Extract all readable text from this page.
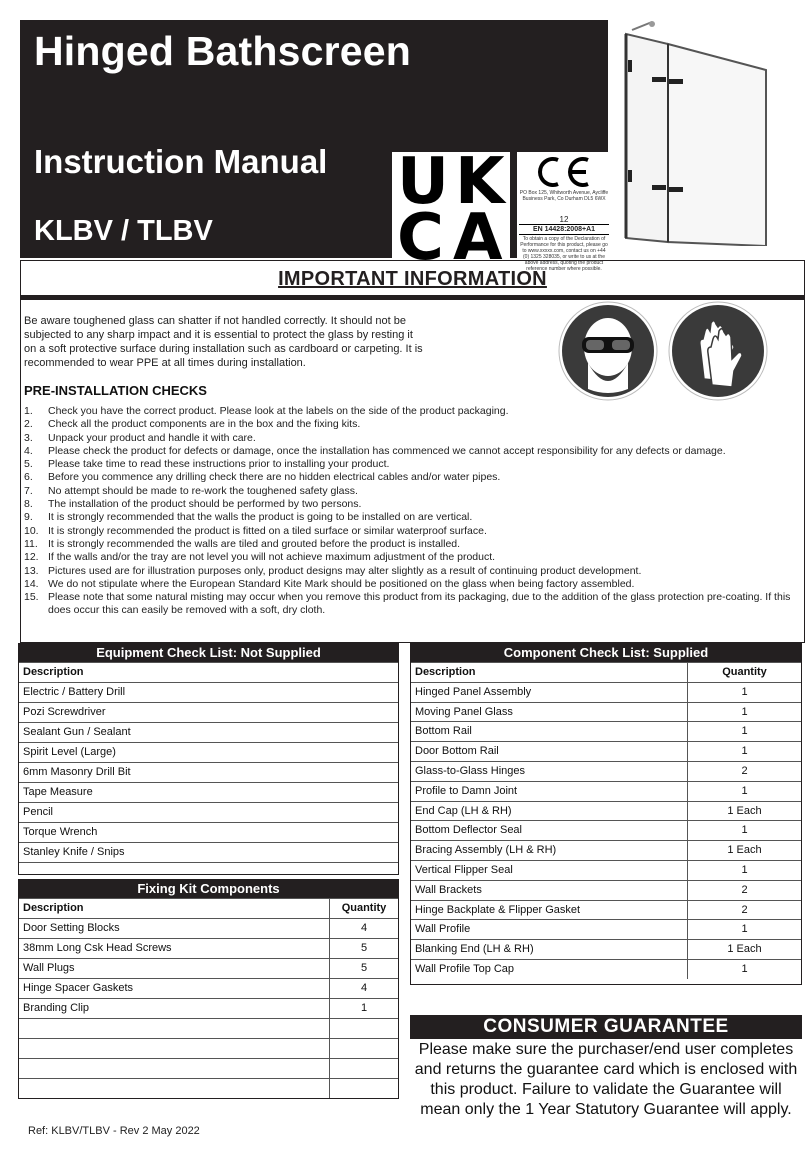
Hinged Bathscreen
Instruction Manual
KLBV / TLBV
U K
C A
PO Box 125, Whitworth Avenue, Aycliffe Business Park, Co Durham DL5 6WX
12
EN 14428:2008+A1
To obtain a copy of the Declaration of Performance for this product, please go to www.xxxxx.com, contact us on +44 (0) 1325 328035, or write to us at the above address, quoting the product reference number where possible.
IMPORTANT INFORMATION
Be aware toughened glass can shatter if not handled correctly. It should not be subjected to any sharp impact and it is essential to protect the glass by resting it on a soft protective surface during installation such as cardboard or carpeting. It is recommended to wear PPE at all times during installation.
PRE-INSTALLATION CHECKS
1. Check you have the correct product. Please look at the labels on the side of the product packaging.
2. Check all the product components are in the box and the fixing kits.
3. Unpack your product and handle it with care.
4. Please check the product for defects or damage, once the installation has commenced we cannot accept responsibility for any defects or damage.
5. Please take time to read these instructions prior to installing your product.
6. Before you commence any drilling check there are no hidden electrical cables and/or water pipes.
7. No attempt should be made to re-work the toughened safety glass.
8. The installation of the product should be performed by two persons.
9. It is strongly recommended that the walls the product is going to be installed on are vertical.
10. It is strongly recommended the product is fitted on a tiled surface or similar waterproof surface.
11. It is strongly recommended the walls are tiled and grouted before the product is installed.
12. If the walls and/or the tray are not level you will not achieve maximum adjustment of the product.
13. Pictures used are for illustration purposes only, product designs may alter slightly as a result of continuing product development.
14. We do not stipulate where the European Standard Kite Mark should be positioned on the glass when being factory assembled.
15. Please note that some natural misting may occur when you remove this product from its packaging, due to the addition of the glass protection pre-coating. If this does occur this can easily be removed with a soft, dry cloth.
Equipment Check List: Not Supplied
Description
Electric / Battery Drill
Pozi Screwdriver
Sealant Gun / Sealant
Spirit Level (Large)
6mm Masonry Drill Bit
Tape Measure
Pencil
Torque Wrench
Stanley Knife / Snips
Fixing Kit Components
Description	Quantity
Door Setting Blocks	4
38mm Long Csk Head Screws	5
Wall Plugs	5
Hinge Spacer Gaskets	4
Branding Clip	1
Component Check List: Supplied
Description	Quantity
Hinged Panel Assembly	1
Moving Panel Glass	1
Bottom Rail	1
Door Bottom Rail	1
Glass-to-Glass Hinges	2
Profile to Damn Joint	1
End Cap (LH & RH)	1 Each
Bottom Deflector Seal	1
Bracing Assembly (LH & RH)	1 Each
Vertical Flipper Seal	1
Wall Brackets	2
Hinge Backplate & Flipper Gasket	2
Wall Profile	1
Blanking End (LH & RH)	1 Each
Wall Profile Top Cap	1
CONSUMER GUARANTEE
Please make sure the purchaser/end user completes and returns the guarantee card which is enclosed with this product. Failure to validate the Guarantee will mean only the 1 Year Statutory Guarantee will apply.
Ref: KLBV/TLBV - Rev 2 May 2022
